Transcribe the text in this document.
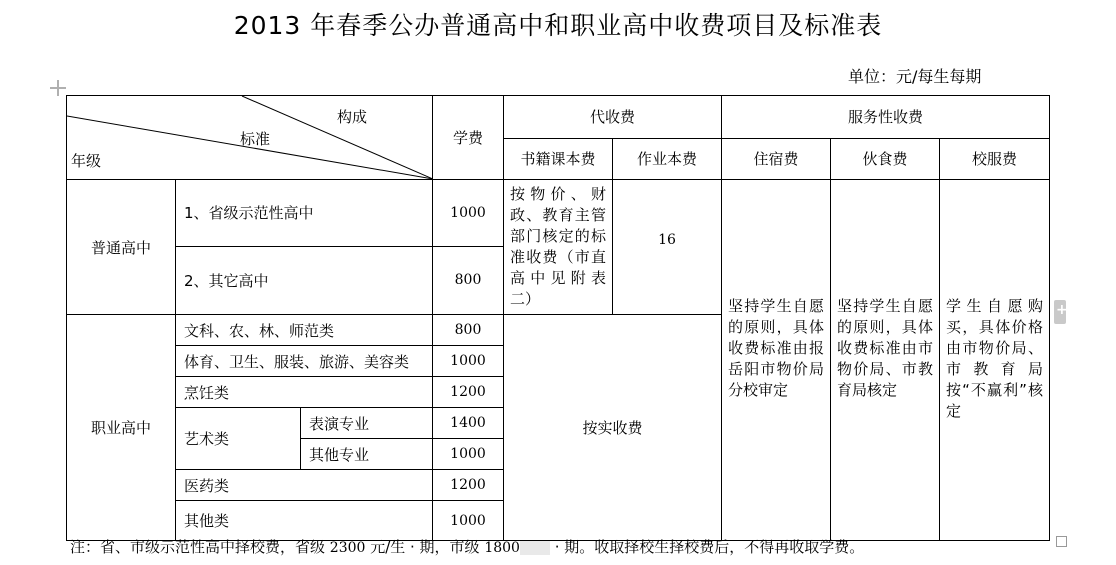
2013 年春季公办普通高中和职业高中收费项目及标准表
单位：元/每生每期
+
构成
标准
年级			学费	代收费		服务性收费		
				书籍课本费	作业本费	住宿费	伙食费	校服费
普通高中	1、省级示范性高中		1000	按物价、财政、教育主管部门核定的标准收费（市直高中见附表二）	16	坚持学生自愿的原则，具体收费标准由报岳阳市物价局分校审定	坚持学生自愿的原则，具体收费标准由市物价局、市教育局核定	学生自愿购买，具体价格由市物价局、市教育局按“不赢利”核定
	2、其它高中		800					
职业高中	文科、农、林、师范类		800	按实收费				
	体育、卫生、服装、旅游、美容类		1000					
	烹饪类		1200					
	艺术类	表演专业	1400					
		其他专业	1000					
	医药类		1200					
	其他类		1000					
注：省、市级示范性高中择校费，省级 2300 元/生 · 期，市级 1800 · 期。收取择校生择校费后，不得再收取学费。
